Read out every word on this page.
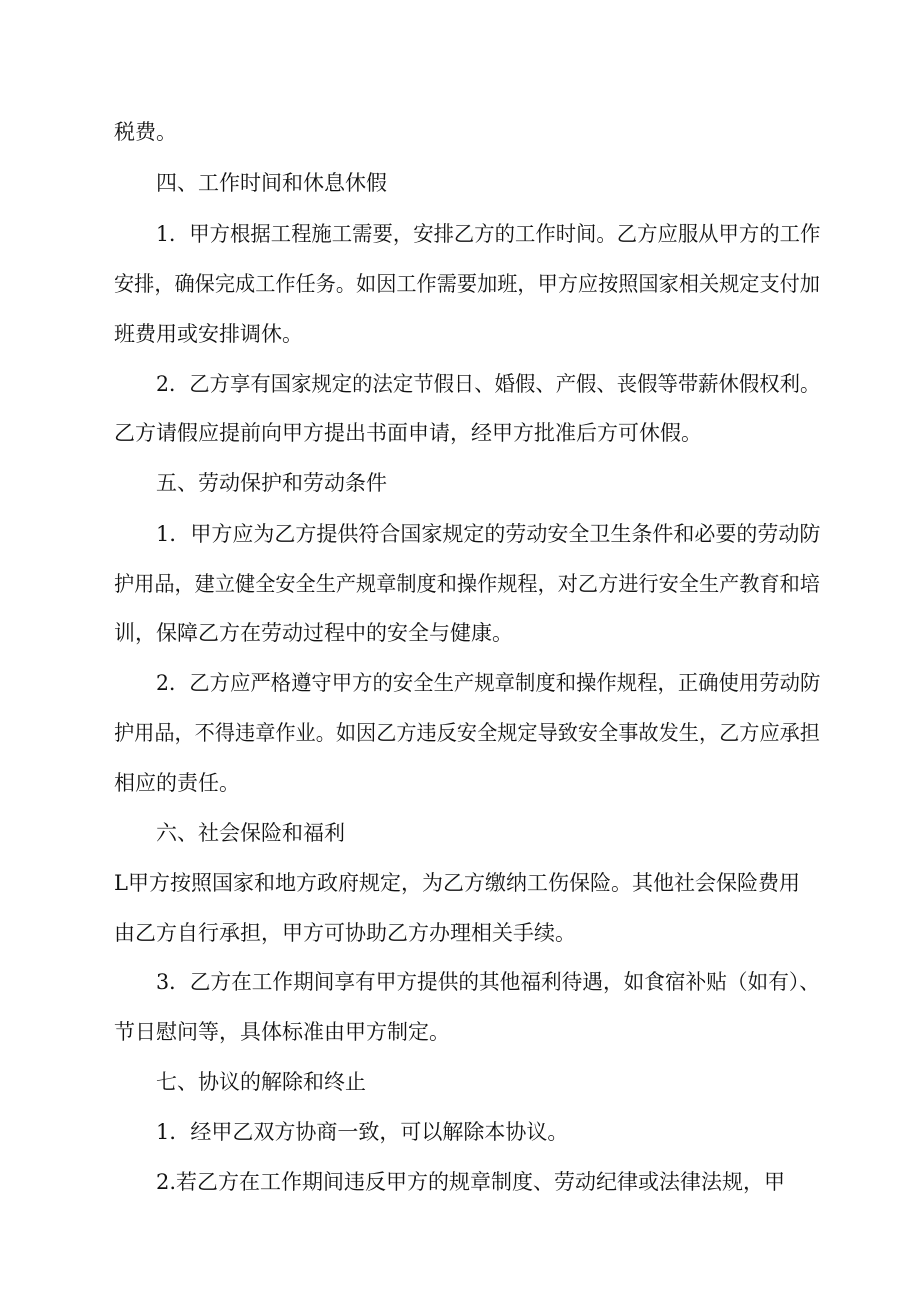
税费。
四、工作时间和休息休假
1．甲方根据工程施工需要，安排乙方的工作时间。乙方应服从甲方的工作
安排，确保完成工作任务。如因工作需要加班，甲方应按照国家相关规定支付加
班费用或安排调休。
2．乙方享有国家规定的法定节假日、婚假、产假、丧假等带薪休假权利。
乙方请假应提前向甲方提出书面申请，经甲方批准后方可休假。
五、劳动保护和劳动条件
1．甲方应为乙方提供符合国家规定的劳动安全卫生条件和必要的劳动防
护用品，建立健全安全生产规章制度和操作规程，对乙方进行安全生产教育和培
训，保障乙方在劳动过程中的安全与健康。
2．乙方应严格遵守甲方的安全生产规章制度和操作规程，正确使用劳动防
护用品，不得违章作业。如因乙方违反安全规定导致安全事故发生，乙方应承担
相应的责任。
六、社会保险和福利
L甲方按照国家和地方政府规定，为乙方缴纳工伤保险。其他社会保险费用
由乙方自行承担，甲方可协助乙方办理相关手续。
3．乙方在工作期间享有甲方提供的其他福利待遇，如食宿补贴（如有）、
节日慰问等，具体标准由甲方制定。
七、协议的解除和终止
1．经甲乙双方协商一致，可以解除本协议。
2.若乙方在工作期间违反甲方的规章制度、劳动纪律或法律法规，甲
